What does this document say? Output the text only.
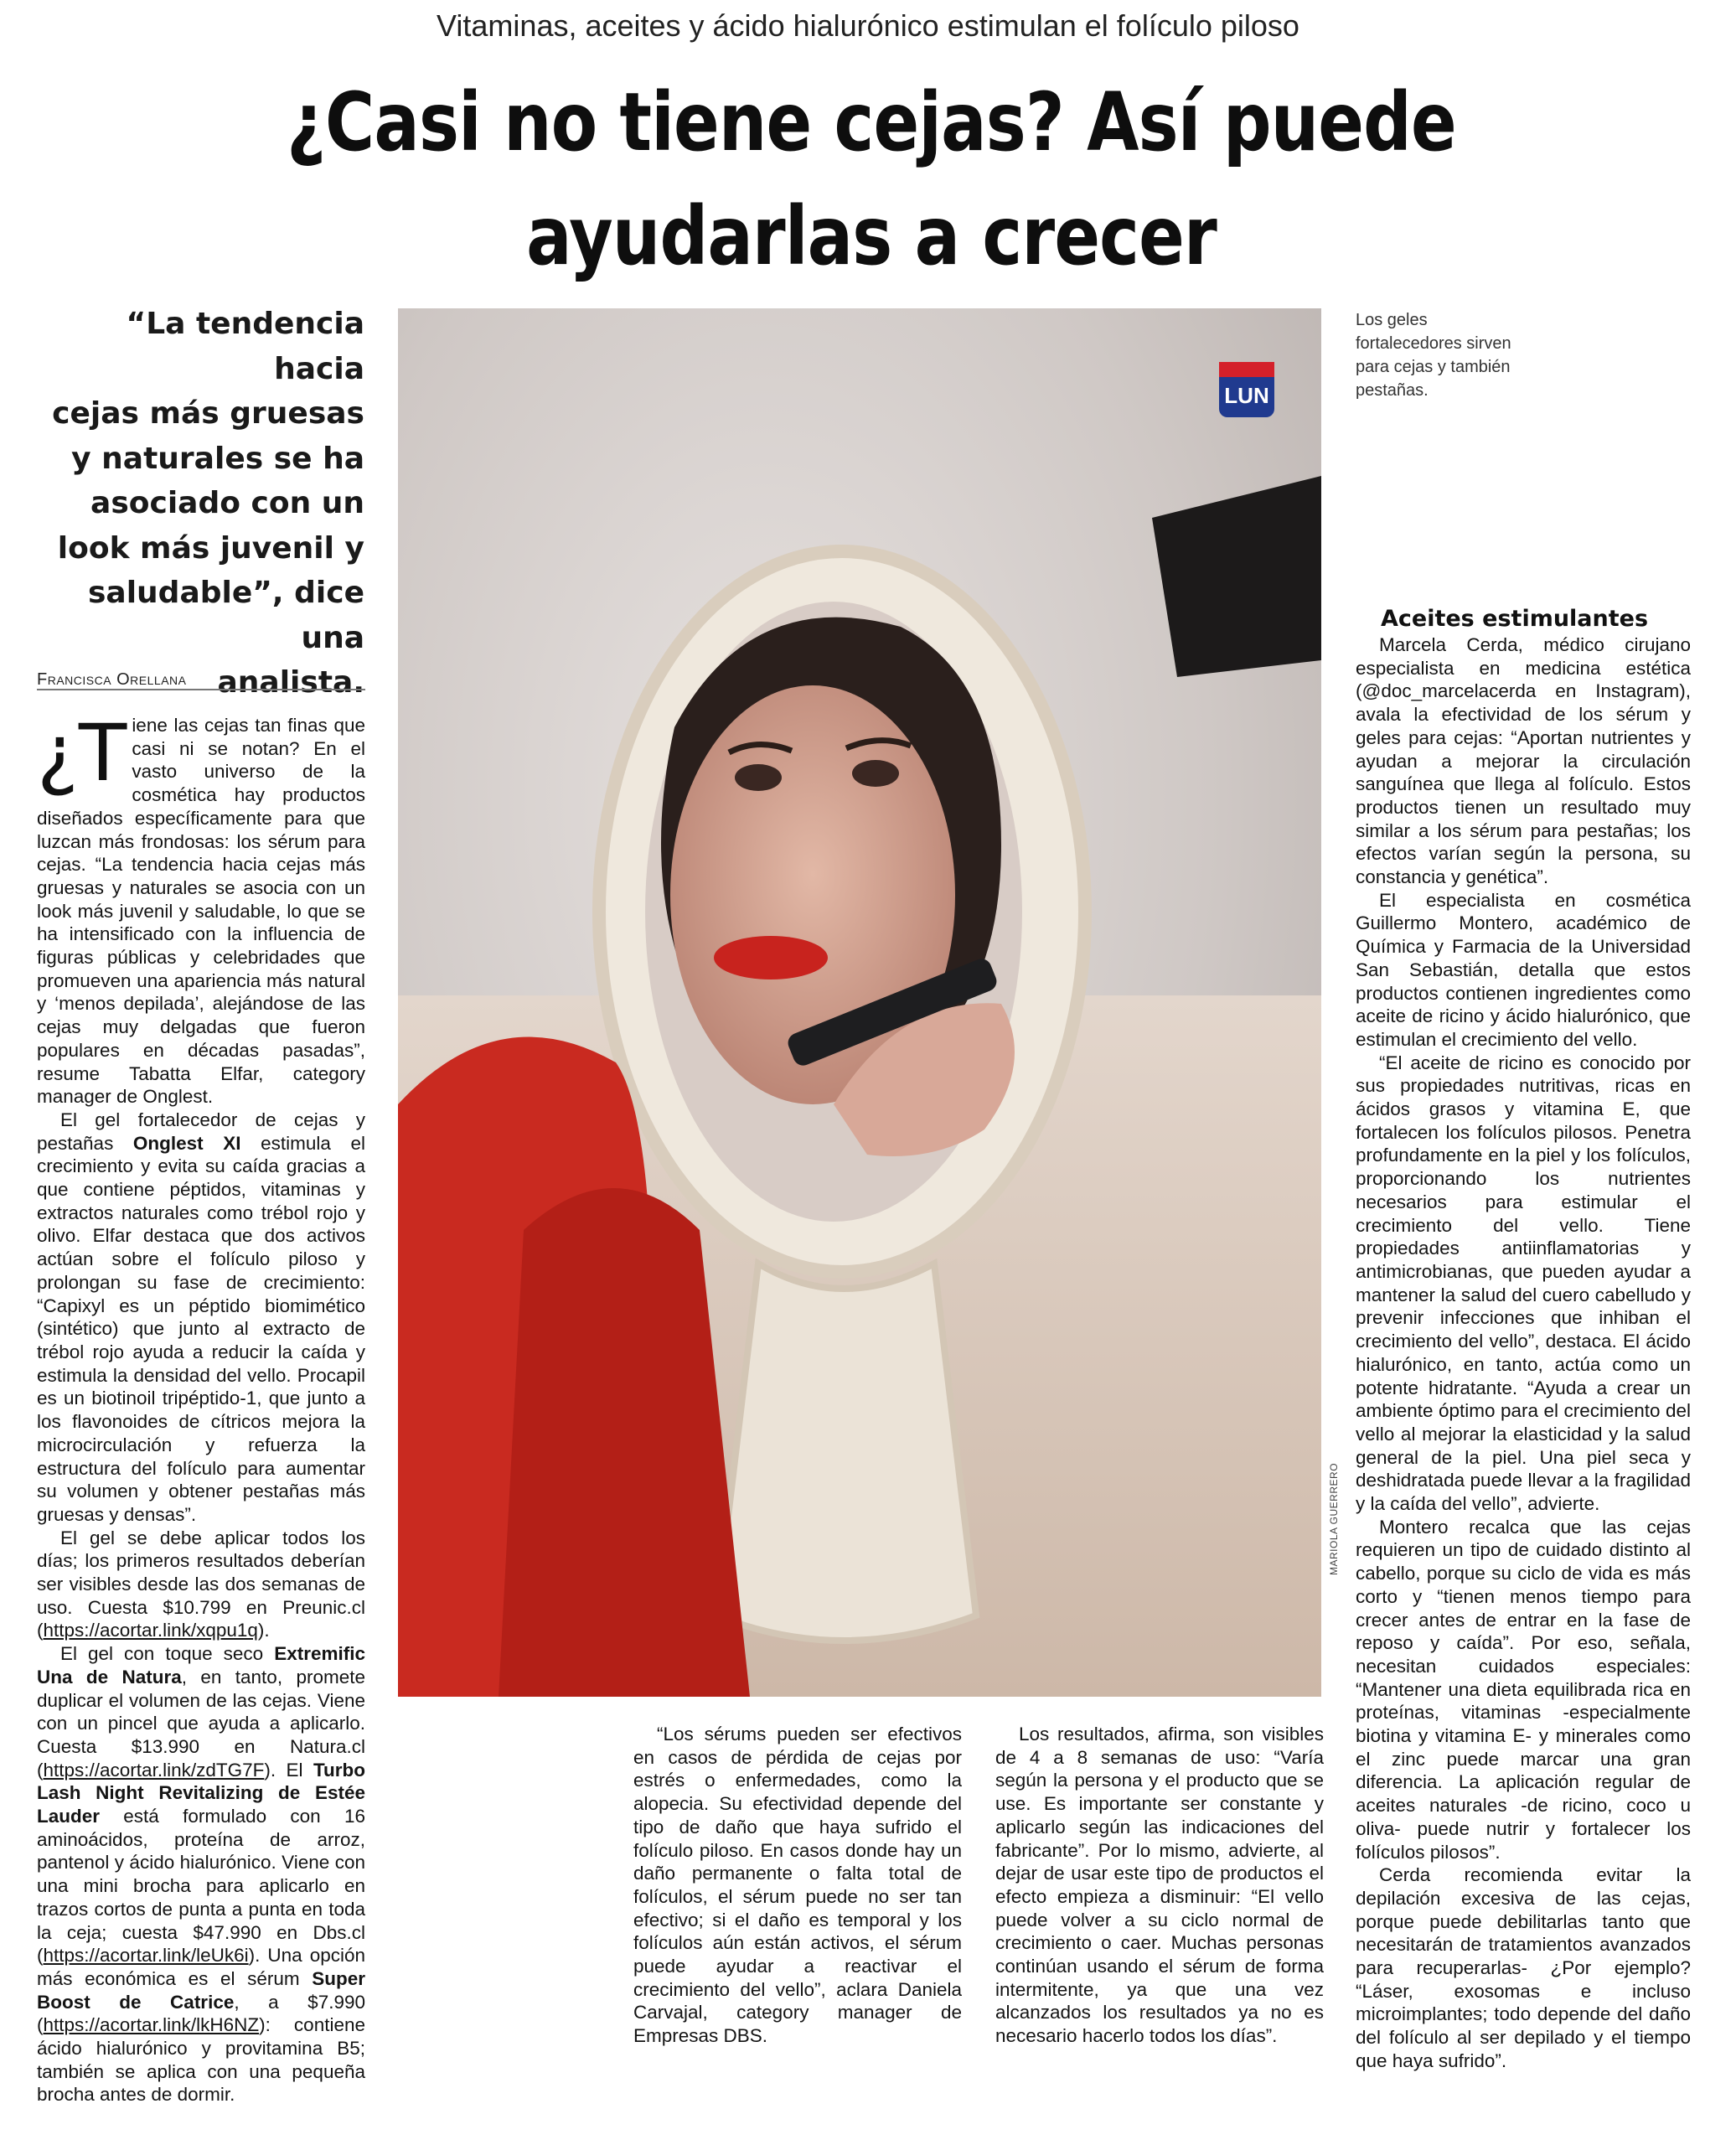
Vitaminas, aceites y ácido hialurónico estimulan el folículo piloso
¿Casi no tiene cejas? Así puede
ayudarlas a crecer
“La tendencia hacia
cejas más gruesas
y naturales se ha
asociado con un
look más juvenil y
saludable”, dice una
analista.
Francisca Orellana

¿T iene las cejas tan finas que casi ni se notan? En el vasto universo de la cosmética hay productos diseñados específicamente para que luzcan más frondosas: los sérum para cejas. “La tendencia hacia cejas más gruesas y naturales se asocia con un look más juvenil y saludable, lo que se ha intensificado con la influencia de figuras públicas y celebridades que promueven una apariencia más natural y ‘menos depilada’, alejándose de las cejas muy delgadas que fueron populares en décadas pasadas”, resume Tabatta Elfar, category manager de Onglest.

El gel fortalecedor de cejas y pestañas Onglest XI estimula el crecimiento y evita su caída gracias a que contiene péptidos, vitaminas y extractos naturales como trébol rojo y olivo. Elfar destaca que dos activos actúan sobre el folículo piloso y prolongan su fase de crecimiento: “Capixyl es un péptido biomimético (sintético) que junto al extracto de trébol rojo ayuda a reducir la caída y estimula la densidad del vello. Procapil es un biotinoil tripéptido-1, que junto a los flavonoides de cítricos mejora la microcirculación y refuerza la estructura del folículo para aumentar su volumen y obtener pestañas más gruesas y densas”.

El gel se debe aplicar todos los días; los primeros resultados deberían ser visibles desde las dos semanas de uso. Cuesta $10.799 en Preunic.cl (https://acortar.link/xqpu1q).

El gel con toque seco Extremific Una de Natura, en tanto, promete duplicar el volumen de las cejas. Viene con un pincel que ayuda a aplicarlo. Cuesta $13.990 en Natura.cl (https://acortar.link/zdTG7F). El Turbo Lash Night Revitalizing de Estée Lauder está formulado con 16 aminoácidos, proteína de arroz, pantenol y ácido hialurónico. Viene con una mini brocha para aplicarlo en trazos cortos de punta a punta en toda la ceja; cuesta $47.990 en Dbs.cl (https://acortar.link/leUk6i). Una opción más económica es el sérum Super Boost de Catrice, a $7.990 (https://acortar.link/lkH6NZ): contiene ácido hialurónico y provitamina B5; también se aplica con una pequeña brocha antes de dormir.

LUN
MARIOLA GUERRERO
Los geles fortalecedores sirven para cejas y también pestañas.

“Los sérums pueden ser efectivos en casos de pérdida de cejas por estrés o enfermedades, como la alopecia. Su efectividad depende del tipo de daño que haya sufrido el folículo piloso. En casos donde hay un daño permanente o falta total de folículos, el sérum puede no ser tan efectivo; si el daño es temporal y los folículos aún están activos, el sérum puede ayudar a reactivar el crecimiento del vello”, aclara Daniela Carvajal, category manager de Empresas DBS.

Los resultados, afirma, son visibles de 4 a 8 semanas de uso: “Varía según la persona y el producto que se use. Es importante ser constante y aplicarlo según las indicaciones del fabricante”. Por lo mismo, advierte, al dejar de usar este tipo de productos el efecto empieza a disminuir: “El vello puede volver a su ciclo normal de crecimiento o caer. Muchas personas continúan usando el sérum de forma intermitente, ya que una vez alcanzados los resultados ya no es necesario hacerlo todos los días”.

Aceites estimulantes

Marcela Cerda, médico cirujano especialista en medicina estética (@doc_marcelacerda en Instagram), avala la efectividad de los sérum y geles para cejas: “Aportan nutrientes y ayudan a mejorar la circulación sanguínea que llega al folículo. Estos productos tienen un resultado muy similar a los sérum para pestañas; los efectos varían según la persona, su constancia y genética”.

El especialista en cosmética Guillermo Montero, académico de Química y Farmacia de la Universidad San Sebastián, detalla que estos productos contienen ingredientes como aceite de ricino y ácido hialurónico, que estimulan el crecimiento del vello.

“El aceite de ricino es conocido por sus propiedades nutritivas, ricas en ácidos grasos y vitamina E, que fortalecen los folículos pilosos. Penetra profundamente en la piel y los folículos, proporcionando los nutrientes necesarios para estimular el crecimiento del vello. Tiene propiedades antiinflamatorias y antimicrobianas, que pueden ayudar a mantener la salud del cuero cabelludo y prevenir infecciones que inhiban el crecimiento del vello”, destaca. El ácido hialurónico, en tanto, actúa como un potente hidratante. “Ayuda a crear un ambiente óptimo para el crecimiento del vello al mejorar la elasticidad y la salud general de la piel. Una piel seca y deshidratada puede llevar a la fragilidad y la caída del vello”, advierte.

Montero recalca que las cejas requieren un tipo de cuidado distinto al cabello, porque su ciclo de vida es más corto y “tienen menos tiempo para crecer antes de entrar en la fase de reposo y caída”. Por eso, señala, necesitan cuidados especiales: “Mantener una dieta equilibrada rica en proteínas, vitaminas -especialmente biotina y vitamina E- y minerales como el zinc puede marcar una gran diferencia. La aplicación regular de aceites naturales -de ricino, coco u oliva- puede nutrir y fortalecer los folículos pilosos”.

Cerda recomienda evitar la depilación excesiva de las cejas, porque puede debilitarlas tanto que necesitarán de tratamientos avanzados para recuperarlas- ¿Por ejemplo? “Láser, exosomas e incluso microimplantes; todo depende del daño del folículo al ser depilado y el tiempo que haya sufrido”.
